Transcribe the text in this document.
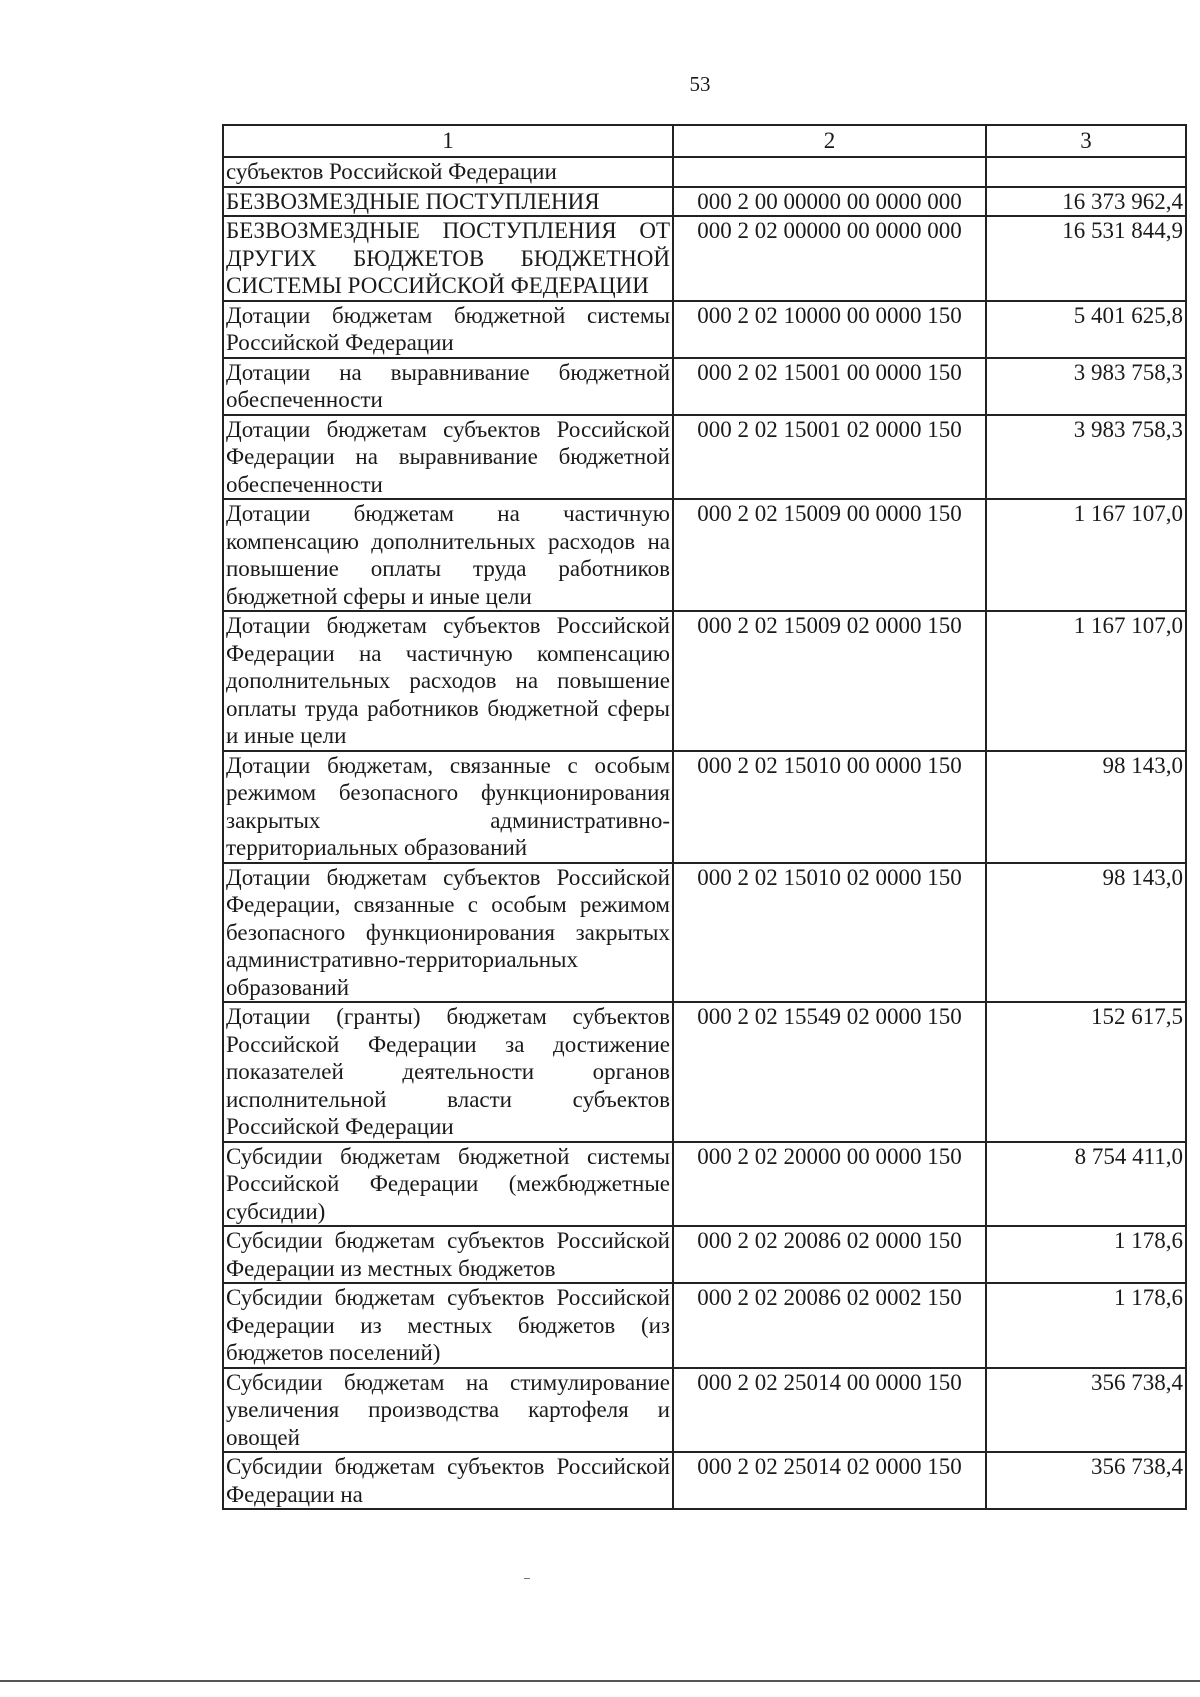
53
1	2	3
субъектов Российской Федерации		
БЕЗВОЗМЕЗДНЫЕ ПОСТУПЛЕНИЯ	000 2 00 00000 00 0000 000	16 373 962,4
БЕЗВОЗМЕЗДНЫЕ ПОСТУПЛЕНИЯ ОТ ДРУГИХ БЮДЖЕТОВ БЮДЖЕТНОЙ СИСТЕМЫ РОССИЙСКОЙ ФЕДЕРАЦИИ	000 2 02 00000 00 0000 000	16 531 844,9
Дотации бюджетам бюджетной системы Российской Федерации	000 2 02 10000 00 0000 150	5 401 625,8
Дотации на выравнивание бюджетной обеспеченности	000 2 02 15001 00 0000 150	3 983 758,3
Дотации бюджетам субъектов Российской Федерации на выравнивание бюджетной обеспеченности	000 2 02 15001 02 0000 150	3 983 758,3
Дотации бюджетам на частичную компенсацию дополнительных расходов на повышение оплаты труда работников бюджетной сферы и иные цели	000 2 02 15009 00 0000 150	1 167 107,0
Дотации бюджетам субъектов Российской Федерации на частичную компенсацию дополнительных расходов на повышение оплаты труда работников бюджетной сферы и иные цели	000 2 02 15009 02 0000 150	1 167 107,0
Дотации бюджетам, связанные с особым режимом безопасного функционирования закрытых административно-территориальных образований	000 2 02 15010 00 0000 150	98 143,0
Дотации бюджетам субъектов Российской Федерации, связанные с особым режимом безопасного функционирования закрытых административно-территориальных образований	000 2 02 15010 02 0000 150	98 143,0
Дотации (гранты) бюджетам субъектов Российской Федерации за достижение показателей деятельности органов исполнительной власти субъектов Российской Федерации	000 2 02 15549 02 0000 150	152 617,5
Субсидии бюджетам бюджетной системы Российской Федерации (межбюджетные субсидии)	000 2 02 20000 00 0000 150	8 754 411,0
Субсидии бюджетам субъектов Российской Федерации из местных бюджетов	000 2 02 20086 02 0000 150	1 178,6
Субсидии бюджетам субъектов Российской Федерации из местных бюджетов (из бюджетов поселений)	000 2 02 20086 02 0002 150	1 178,6
Субсидии бюджетам на стимулирование увеличения производства картофеля и овощей	000 2 02 25014 00 0000 150	356 738,4
Субсидии бюджетам субъектов Российской Федерации на	000 2 02 25014 02 0000 150	356 738,4
